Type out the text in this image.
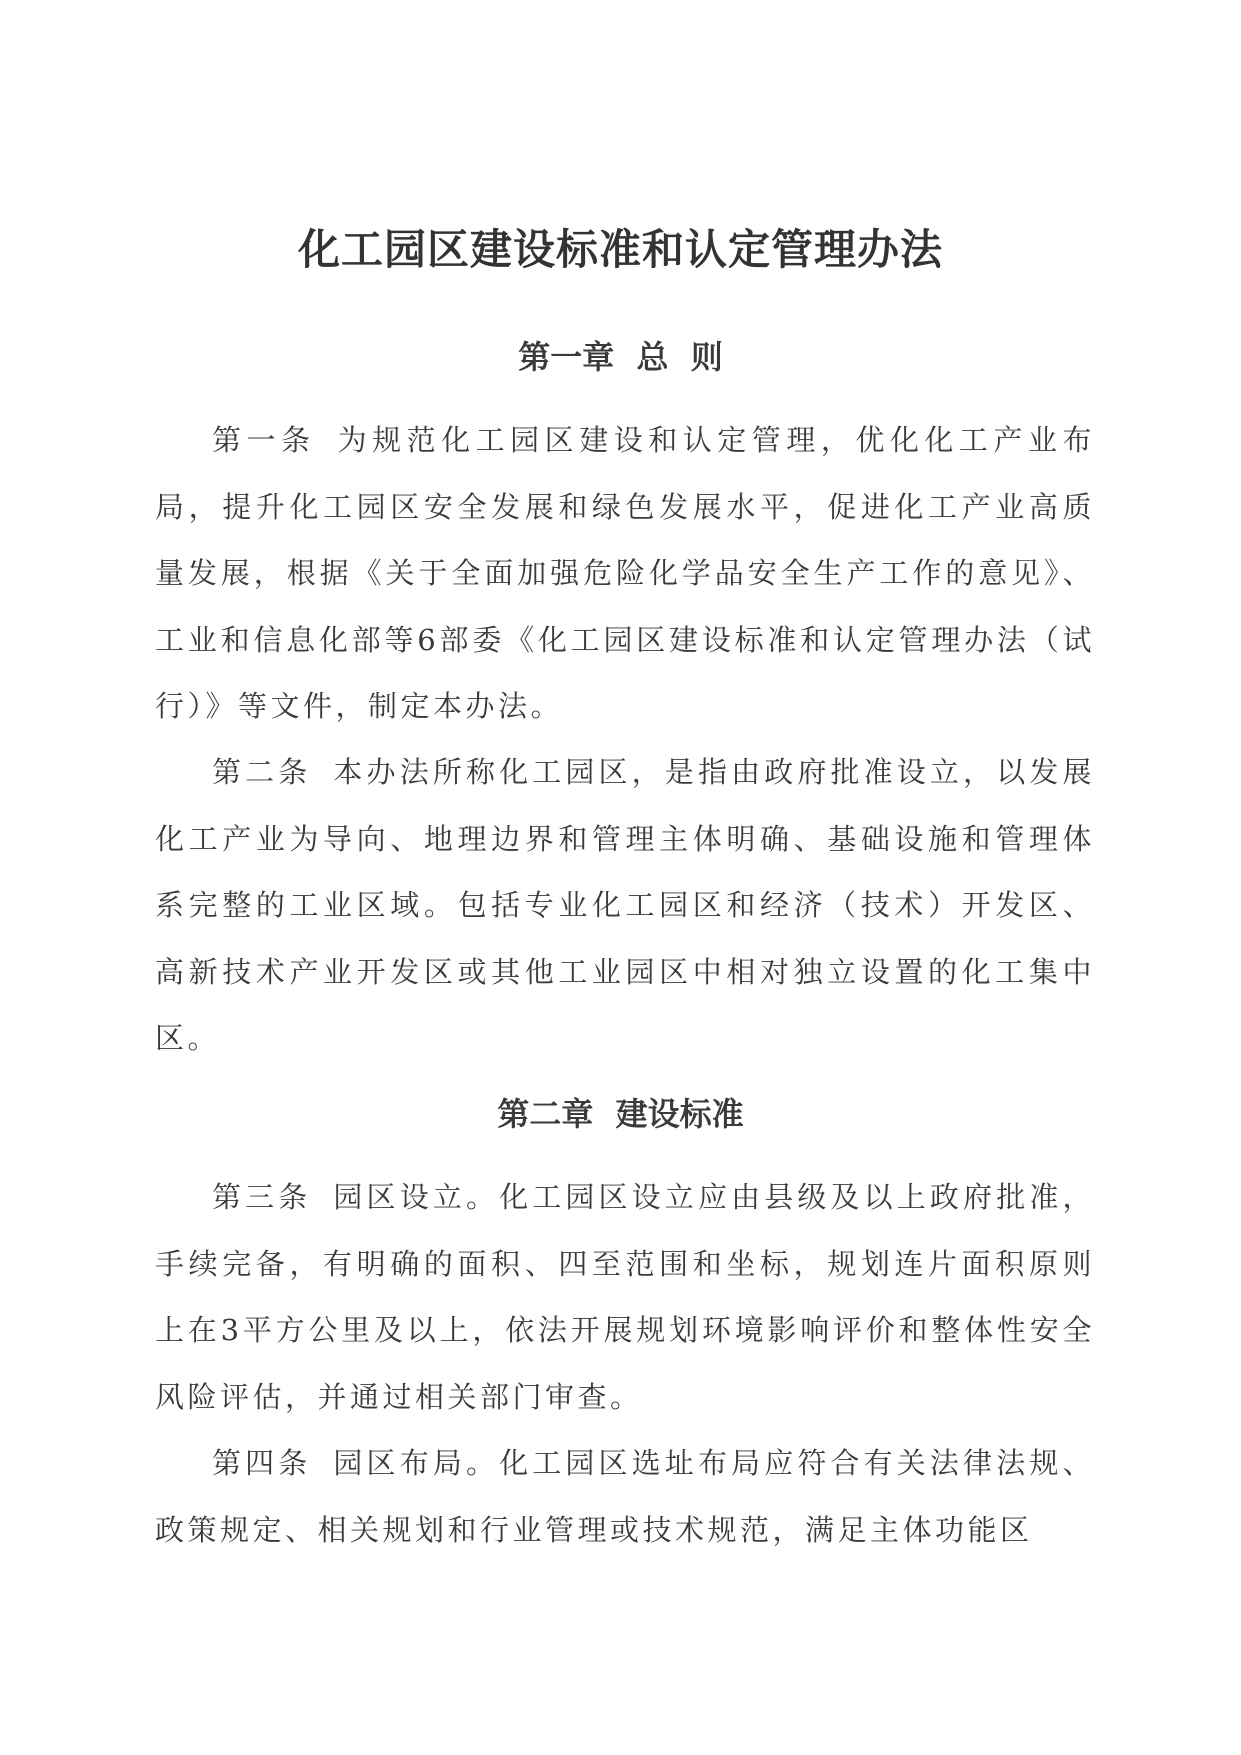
化工园区建设标准和认定管理办法
第一章  总  则

第一条 为规范化工园区建设和认定管理，优化化工产业布局，提升化工园区安全发展和绿色发展水平，促进化工产业高质量发展，根据《关于全面加强危险化学品安全生产工作的意见》、工业和信息化部等6部委《化工园区建设标准和认定管理办法（试行）》等文件，制定本办法。

第二条 本办法所称化工园区，是指由政府批准设立，以发展化工产业为导向、地理边界和管理主体明确、基础设施和管理体系完整的工业区域。包括专业化工园区和经济（技术）开发区、高新技术产业开发区或其他工业园区中相对独立设置的化工集中区。

第二章  建设标准

第三条 园区设立。化工园区设立应由县级及以上政府批准，手续完备，有明确的面积、四至范围和坐标，规划连片面积原则上在3平方公里及以上，依法开展规划环境影响评价和整体性安全风险评估，并通过相关部门审查。

第四条 园区布局。化工园区选址布局应符合有关法律法规、政策规定、相关规划和行业管理或技术规范，满足主体功能区
